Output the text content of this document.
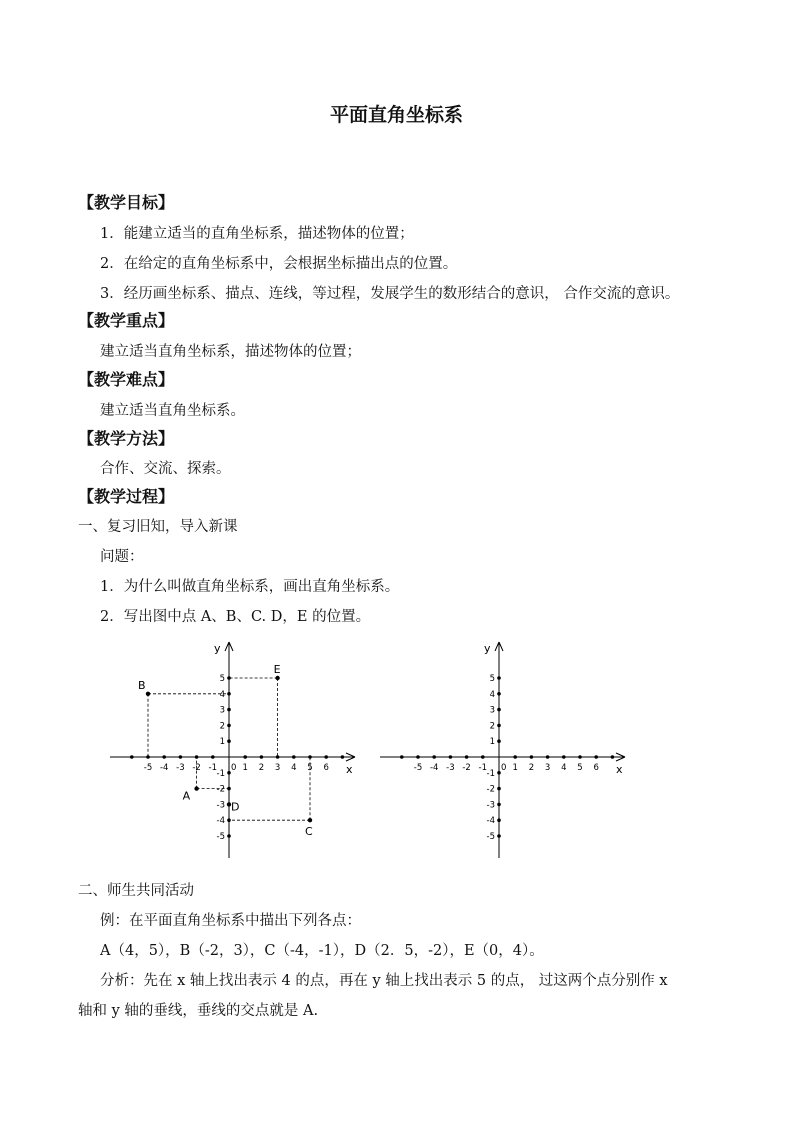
平面直角坐标系
【教学目标】
1．能建立适当的直角坐标系，描述物体的位置；
2．在给定的直角坐标系中，会根据坐标描出点的位置。
3．经历画坐标系、描点、连线，等过程，发展学生的数形结合的意识， 合作交流的意识。
【教学重点】
建立适当直角坐标系，描述物体的位置；
【教学难点】
建立适当直角坐标系。
【教学方法】
合作、交流、探索。
【教学过程】
一、复习旧知，导入新课
问题：
1．为什么叫做直角坐标系，画出直角坐标系。
2．写出图中点 A、B、C. D，E 的位置。
x
y
-5 -4 -3 -2 -1 0 1 2 3 4 5 6
-5
-4
-3
-2
-1
1
2
3
4
5
A
B
C
D
E
x
y
-5 -4 -3 -2 -1 0 1 2 3 4 5 6
-5
-4
-3
-2
-1
1
2
3
4
5
二、师生共同活动
例：在平面直角坐标系中描出下列各点：
A（4，5），B（-2，3），C（-4，-1），D（2．5，-2），E（0，4）。
分析：先在 x 轴上找出表示 4 的点，再在 y 轴上找出表示 5 的点， 过这两个点分别作 x
轴和 y 轴的垂线，垂线的交点就是 A.
